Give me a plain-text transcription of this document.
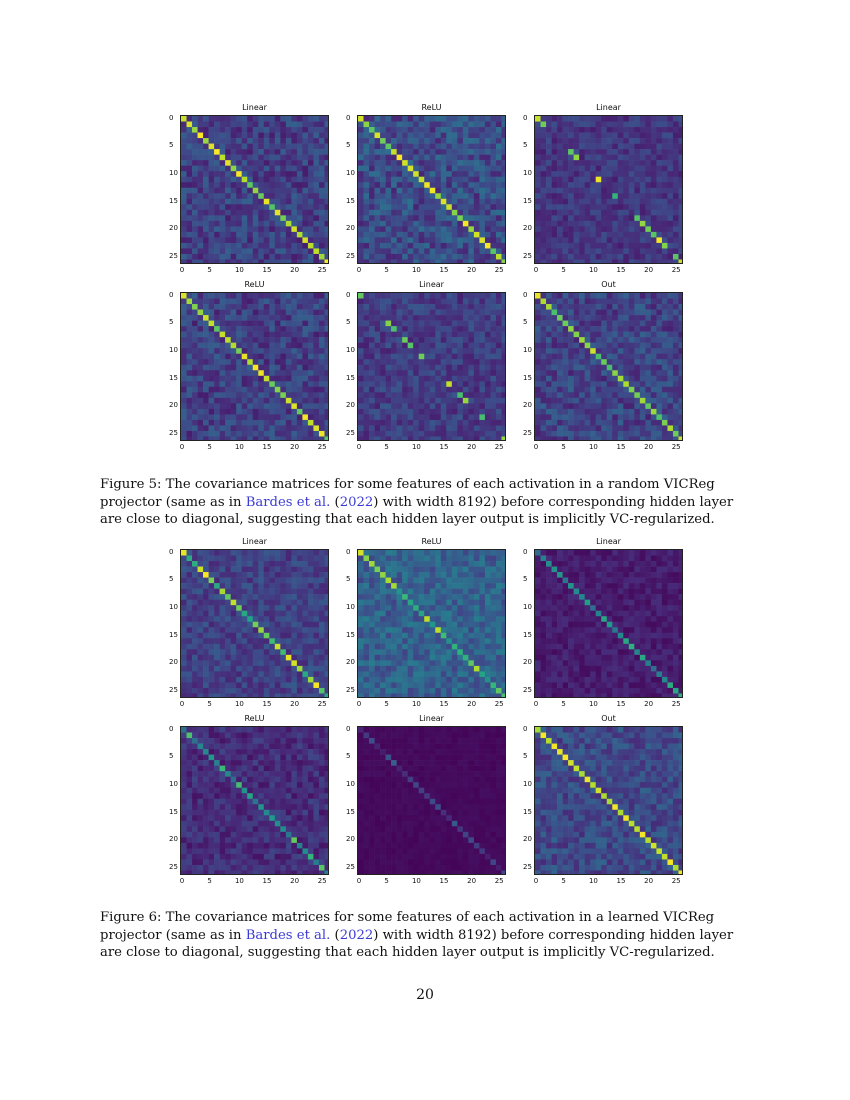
Linear
0	5	10	15	20	25
0
5
10
15
20
25
ReLU
0	5	10	15	20	25
0
5
10
15
20
25
Linear
0	5	10	15	20	25
0
5
10
15
20
25
ReLU
0	5	10	15	20	25
0
5
10
15
20
25
Linear
0	5	10	15	20	25
0
5
10
15
20
25
Out
0	5	10	15	20	25
0
5
10
15
20
25
Linear
0	5	10	15	20	25
0
5
10
15
20
25
ReLU
0	5	10	15	20	25
0
5
10
15
20
25
Linear
0	5	10	15	20	25
0
5
10
15
20
25
ReLU
0	5	10	15	20	25
0
5
10
15
20
25
Linear
0	5	10	15	20	25
0
5
10
15
20
25
Out
0	5	10	15	20	25
0
5
10
15
20
25
Figure 5: The covariance matrices for some features of each activation in a random VICReg projector (same as in Bardes et al. (2022) with width 8192) before corresponding hidden layer are close to diagonal, suggesting that each hidden layer output is implicitly VC-regularized.
Figure 6: The covariance matrices for some features of each activation in a learned VICReg projector (same as in Bardes et al. (2022) with width 8192) before corresponding hidden layer are close to diagonal, suggesting that each hidden layer output is implicitly VC-regularized.
20
